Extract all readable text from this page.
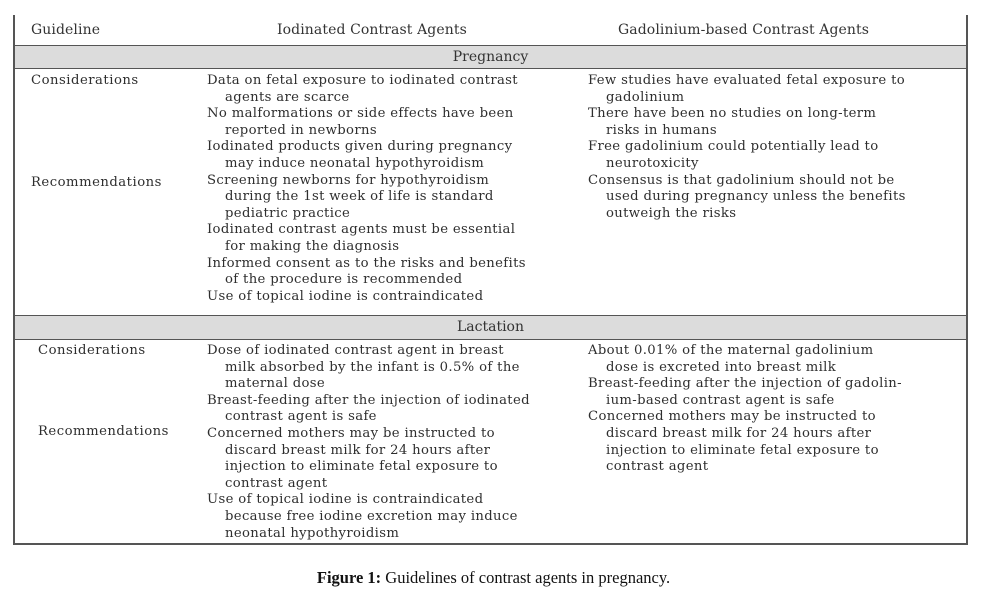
Guideline	Iodinated Contrast Agents	Gadolinium-based Contrast Agents
Pregnancy
Considerations
Recommendations
Data on fetal exposure to iodinated contrast
agents are scarce
No malformations or side effects have been
reported in newborns
Iodinated products given during pregnancy
may induce neonatal hypothyroidism
Screening newborns for hypothyroidism
during the 1st week of life is standard
pediatric practice
Iodinated contrast agents must be essential
for making the diagnosis
Informed consent as to the risks and benefits
of the procedure is recommended
Use of topical iodine is contraindicated
Few studies have evaluated fetal exposure to
gadolinium
There have been no studies on long-term
risks in humans
Free gadolinium could potentially lead to
neurotoxicity
Consensus is that gadolinium should not be
used during pregnancy unless the benefits
outweigh the risks
Lactation
Considerations
Recommendations
Dose of iodinated contrast agent in breast
milk absorbed by the infant is 0.5% of the
maternal dose
Breast-feeding after the injection of iodinated
contrast agent is safe
Concerned mothers may be instructed to
discard breast milk for 24 hours after
injection to eliminate fetal exposure to
contrast agent
Use of topical iodine is contraindicated
because free iodine excretion may induce
neonatal hypothyroidism
About 0.01% of the maternal gadolinium
dose is excreted into breast milk
Breast-feeding after the injection of gadolin-
ium-based contrast agent is safe
Concerned mothers may be instructed to
discard breast milk for 24 hours after
injection to eliminate fetal exposure to
contrast agent
Figure 1: Guidelines of contrast agents in pregnancy.
